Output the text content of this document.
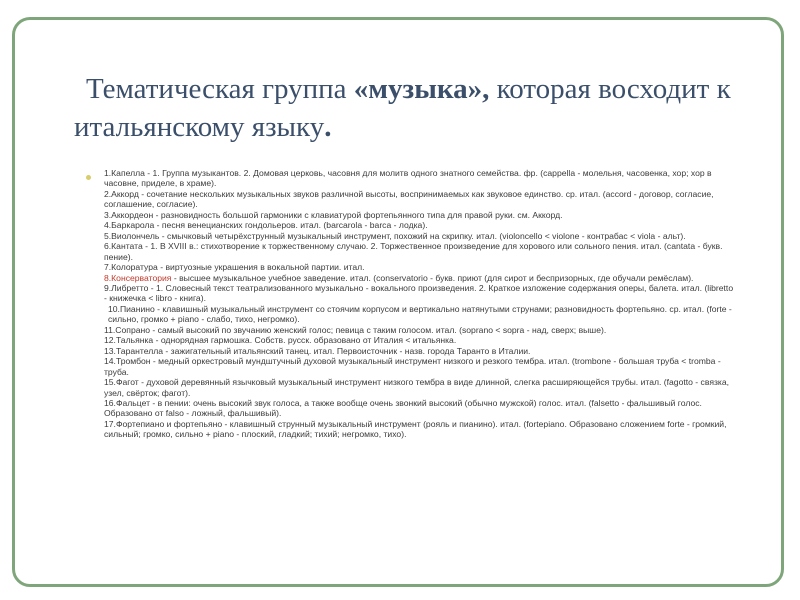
Тематическая группа «музыка», которая восходит к итальянскому языку.

1.Капелла - 1. Группа музыкантов. 2. Домовая церковь, часовня для молитв одного знатного семейства. фр. (cappella - молельня, часовенка, хор; хор в часовне, приделе, в храме).

2.Аккорд - сочетание нескольких музыкальных звуков различной высоты, воспринимаемых как звуковое единство. ср. итал. (accord - договор, согласие, соглашение, согласие).

3.Аккордеон - разновидность большой гармоники с клавиатурой фортепьянного типа для правой руки. см. Аккорд.

4.Баркарола - песня венецианских гондольеров. итал. (barcarola - barca - лодка).

5.Виолончель - смычковый четырёхструнный музыкальный инструмент, похожий на скрипку. итал. (violoncello < violone - контрабас < viola - альт).

6.Кантата - 1. В XVIII в.: стихотворение к торжественному случаю. 2. Торжественное произведение для хорового или сольного пения. итал. (cantata - букв. пение).

7.Колоратура - виртуозные украшения в вокальной партии. итал.

8.Консерватория - высшее музыкальное учебное заведение. итал. (conservatorio - букв. приют (для сирот и беспризорных, где обучали ремёслам).

9.Либретто - 1. Словесный текст театрализованного музыкально - вокального произведения. 2. Краткое изложение содержания оперы, балета. итал. (libretto - книжечка < libro - книга).

10.Пианино - клавишный музыкальный инструмент со стоячим корпусом и вертикально натянутыми струнами; разновидность фортепьяно. ср. итал. (forte - сильно, громко + piano - слабо, тихо, негромко).

11.Сопрано - самый высокий по звучанию женский голос; певица с таким голосом. итал. (soprano < sopra - над, сверх; выше).

12.Тальянка - однорядная гармошка. Собств. русск. образовано от Италия < итальянка.

13.Тарантелла - зажигательный итальянский танец. итал. Первоисточник - назв. города Таранто в Италии.

14.Тромбон - медный оркестровый мундштучный духовой музыкальный инструмент низкого и резкого тембра. итал. (trombone - большая труба < tromba - труба.

15.Фагот - духовой деревянный язычковый музыкальный инструмент низкого тембра в виде длинной, слегка расширяющейся трубы. итал. (fagotto - связка, узел, свёрток; фагот).

16.Фальцет - в пении: очень высокий звук голоса, а также вообще очень звонкий высокий (обычно мужской) голос. итал. (falsetto - фальшивый голос. Образовано от falso - ложный, фальшивый).

17.Фортепиано и фортепьяно - клавишный струнный музыкальный инструмент (рояль и пианино). итал. (fortepiano. Образовано сложением forte - громкий, сильный; громко, сильно + piano - плоский, гладкий; тихий; негромко, тихо).
